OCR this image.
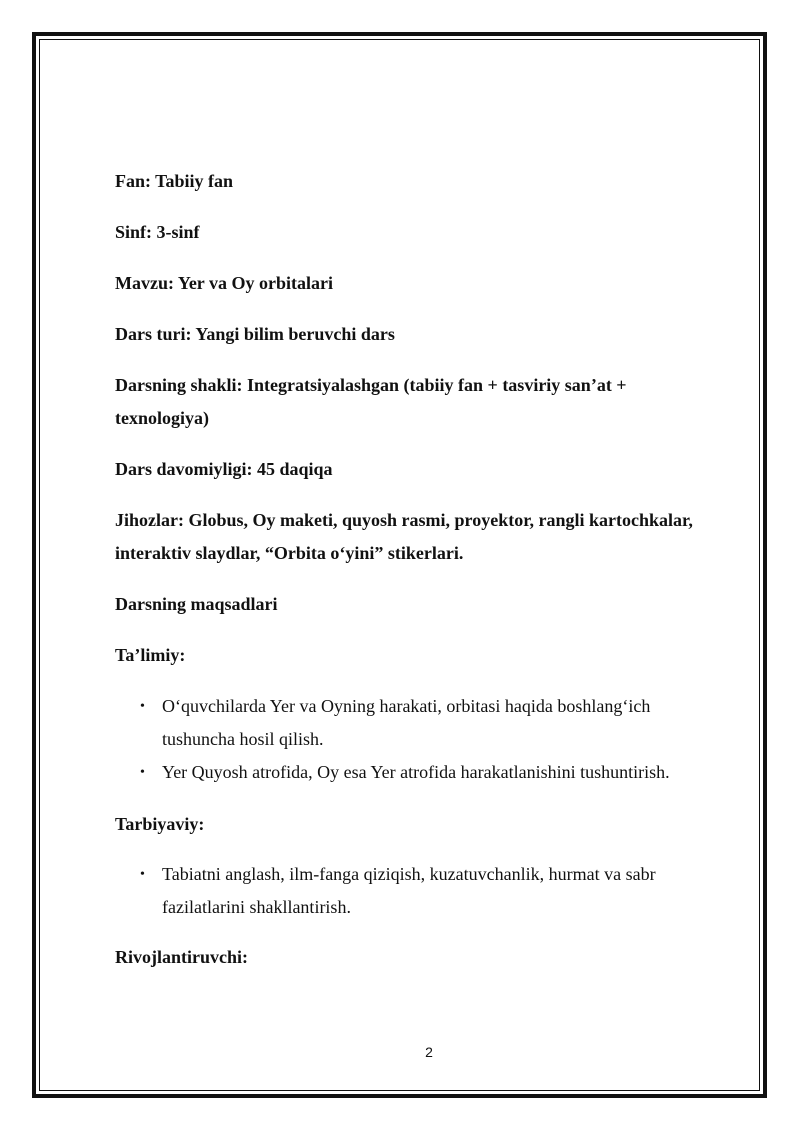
Fan: Tabiiy fan

Sinf: 3-sinf

Mavzu: Yer va Oy orbitalari

Dars turi: Yangi bilim beruvchi dars

Darsning shakli: Integratsiyalashgan (tabiiy fan + tasviriy san’at +

texnologiya)

Dars davomiyligi: 45 daqiqa

Jihozlar: Globus, Oy maketi, quyosh rasmi, proyektor, rangli kartochkalar,

interaktiv slaydlar, “Orbita o‘yini” stikerlari.

Darsning maqsadlari

Ta’limiy:

• O‘quvchilarda Yer va Oyning harakati, orbitasi haqida boshlang‘ich
tushuncha hosil qilish.
• Yer Quyosh atrofida, Oy esa Yer atrofida harakatlanishini tushuntirish.

Tarbiyaviy:

• Tabiatni anglash, ilm-fanga qiziqish, kuzatuvchanlik, hurmat va sabr
fazilatlarini shakllantirish.

Rivojlantiruvchi:

2
